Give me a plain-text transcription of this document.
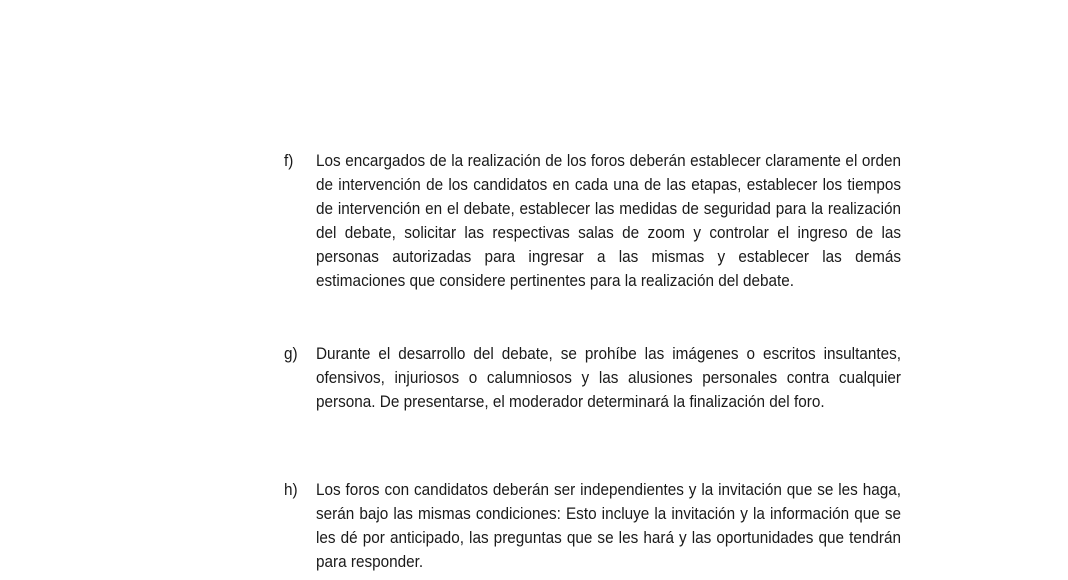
f)	Los encargados de la realización de los foros deberán establecer claramente el orden de intervención de los candidatos en cada una de las etapas, establecer los tiempos de intervención en el debate, establecer las medidas de seguridad para la realización del debate, solicitar las respectivas salas de zoom y controlar el ingreso de las personas autorizadas para ingresar a las mismas y establecer las demás estimaciones que considere pertinentes para la realización del debate.
g)	Durante el desarrollo del debate, se prohíbe las imágenes o escritos insultantes, ofensivos, injuriosos o calumniosos y las alusiones personales contra cualquier persona. De presentarse, el moderador determinará la finalización del foro.
h)	Los foros con candidatos deberán ser independientes y la invitación que se les haga, serán bajo las mismas condiciones: Esto incluye la invitación y la información que se les dé por anticipado, las preguntas que se les hará y las oportunidades que tendrán para responder.
